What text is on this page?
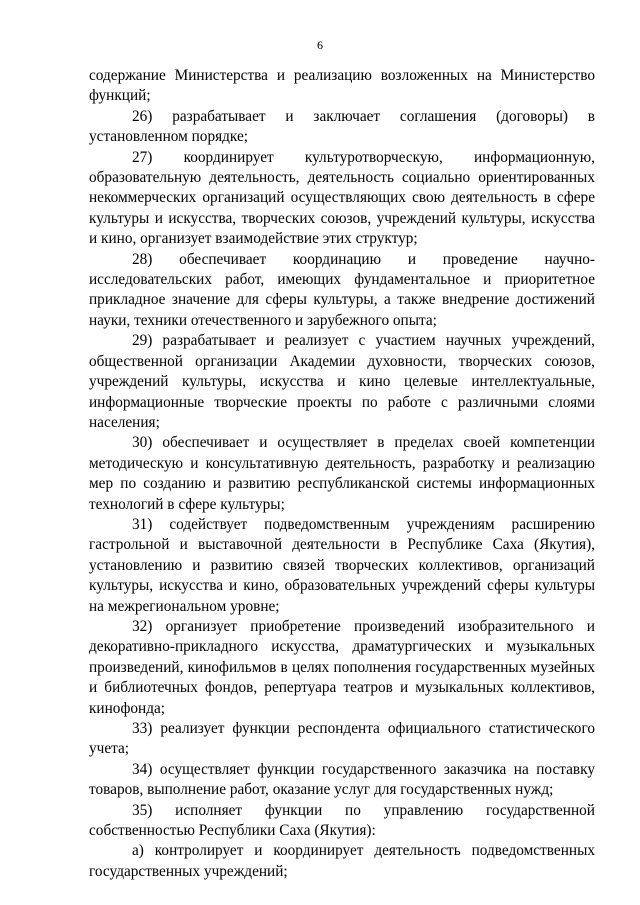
6

содержание Министерства и реализацию возложенных на Министерство функций;

26) разрабатывает и заключает соглашения (договоры) в установленном порядке;

27) координирует культуротворческую, информационную, образовательную деятельность, деятельность социально ориентированных некоммерческих организаций осуществляющих свою деятельность в сфере культуры и искусства, творческих союзов, учреждений культуры, искусства и кино, организует взаимодействие этих структур;

28) обеспечивает координацию и проведение научно-исследовательских работ, имеющих фундаментальное и приоритетное прикладное значение для сферы культуры, а также внедрение достижений науки, техники отечественного и зарубежного опыта;

29) разрабатывает и реализует с участием научных учреждений, общественной организации Академии духовности, творческих союзов, учреждений культуры, искусства и кино целевые интеллектуальные, информационные творческие проекты по работе с различными слоями населения;

30) обеспечивает и осуществляет в пределах своей компетенции методическую и консультативную деятельность, разработку и реализацию мер по созданию и развитию республиканской системы информационных технологий в сфере культуры;

31) содействует подведомственным учреждениям расширению гастрольной и выставочной деятельности в Республике Саха (Якутия), установлению и развитию связей творческих коллективов, организаций культуры, искусства и кино, образовательных учреждений сферы культуры на межрегиональном уровне;

32) организует приобретение произведений изобразительного и декоративно-прикладного искусства, драматургических и музыкальных произведений, кинофильмов в целях пополнения государственных музейных и библиотечных фондов, репертуара театров и музыкальных коллективов, кинофонда;

33) реализует функции респондента официального статистического учета;

34) осуществляет функции государственного заказчика на поставку товаров, выполнение работ, оказание услуг для государственных нужд;

35) исполняет функции по управлению государственной собственностью Республики Саха (Якутия):

а) контролирует и координирует деятельность подведомственных государственных учреждений;
